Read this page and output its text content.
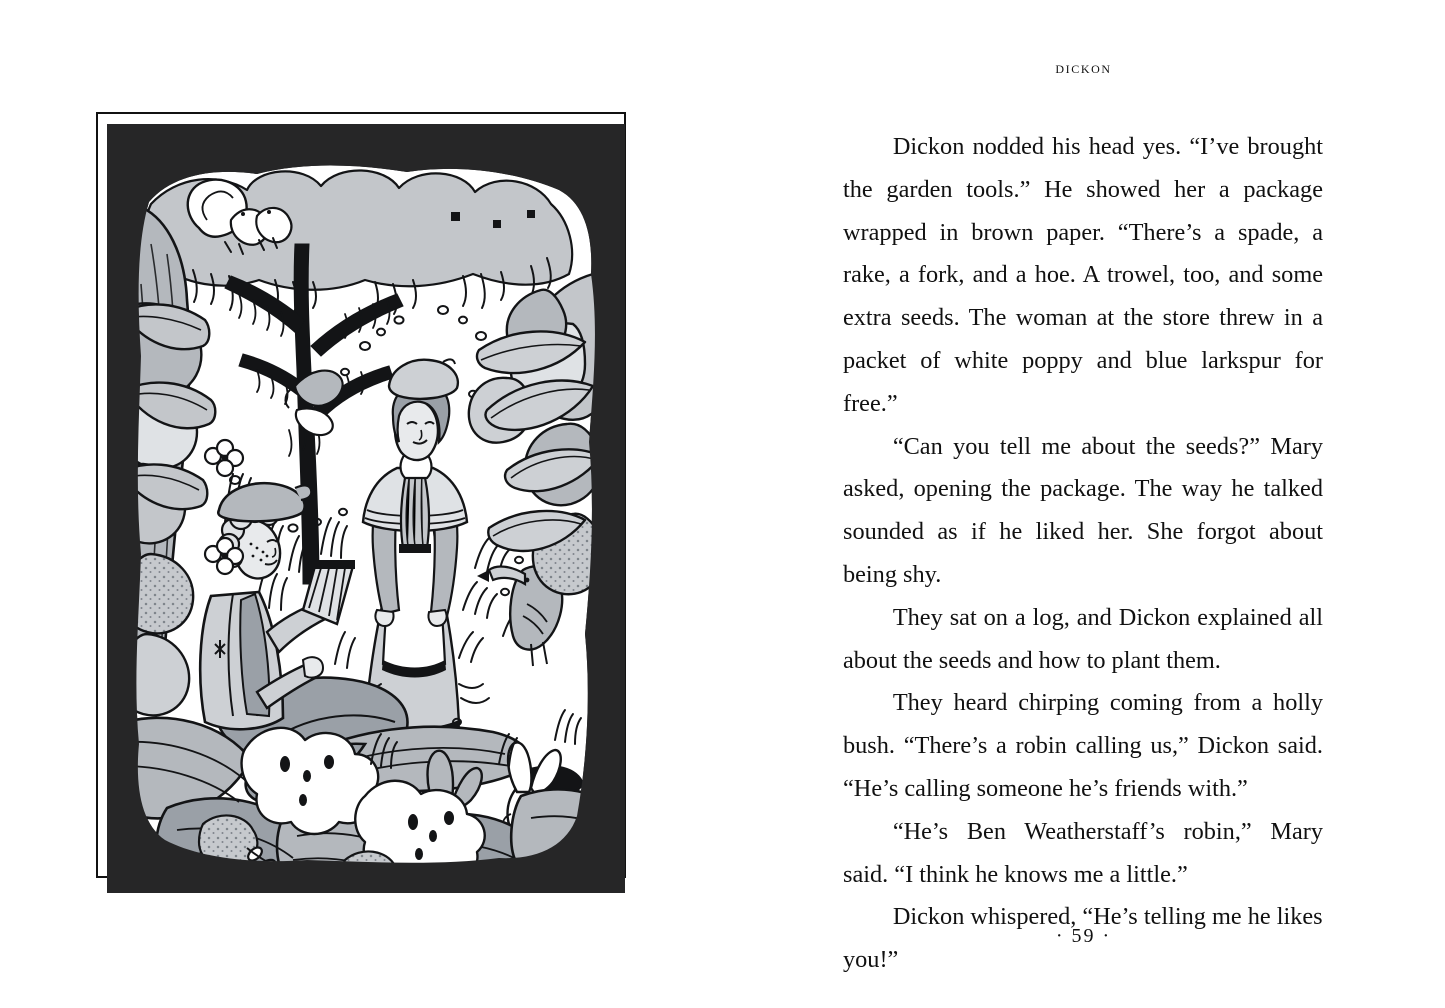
dickon

Dickon nodded his head yes. “I’ve brought the garden tools.” He showed her a package wrapped in brown paper. “There’s a spade, a rake, a fork, and a hoe. A trowel, too, and some extra seeds. The woman at the store threw in a packet of white poppy and blue larkspur for free.”

“Can you tell me about the seeds?” Mary asked, opening the package. The way he talked sounded as if he liked her. She forgot about being shy.

They sat on a log, and Dickon explained all about the seeds and how to plant them.

They heard chirping coming from a holly bush. “There’s a robin calling us,” Dickon said. “He’s calling someone he’s friends with.”

“He’s Ben Weatherstaff’s robin,” Mary said. “I think he knows me a little.”

Dickon whispered, “He’s telling me he likes you!”

· 59 ·
